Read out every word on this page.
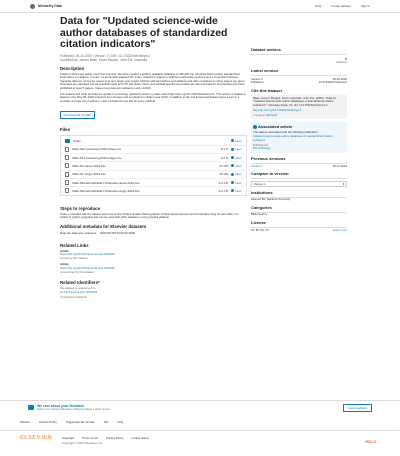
Mendeley Data	FAQ	Create dataset	Sign in
Data for "Updated science-wide author databases of standardized citation indicators"
Published: 06-10-2020 | Version 2 | DOI: 10.17632/btchxktzyw.2
Contributors: Jeroen Baas, Kevin Boyack, John P.A. Ioannidis
Description
Citation metrics are widely used and misused. We have created a publicly available database of 100,000 top scientists that provides standardized information on citations, h-index, co-authorship adjusted hm-index, citations to papers in different authorship positions and a composite indicator. Separate data are shown for career-long and single year impact. Metrics with and without self-citations and ratio of citations to citing papers are given. Scientists are classified into 22 scientific fields and 176 sub-fields. Field- and subfield-specific percentiles are also provided for all scientists who have published at least 5 papers. Career-long data are updated to end-of-2019.
The dataset and code provides an update to previously released (version 1) data under https://doi.org/10.17632/btchxktzyw.1; The version 2 dataset is based on the May 06, 2020 snapshot from Scopus and is updated to citation year 2019. In addition to the tool joined and dataset gives a sort to it provides a longer list of authors; it also includes the top 2% for every subfield.
Download All (21 MB)
Files
/Code	View
Table-S10-careerlong-2019-career.csv	114 B View
Table-S11-careerlong-2019-singlyr.csv	116 B View
Table-S6-career-2019.xlsx	81 MB View
Table-S7-singlyr-2019.xlsx	80 MB View
Table-S8-Field-Subfield-Thresholds-career-2019.xlsx	213 KB View
Table-S9-Field-Subfield-Thresholds-singlyr-2019.xlsx	221 KB View
Steps to reproduce
Code is provided with the dataset and runs on the ICSR Lab data sharing platform (https://www.elsevier.com/icsr/icsrlab) using Scopus data. It is written in python (pyspark) and can be used with other datasets on any pyspark platform.
Additional metadata for Elsevier datasets
Date the data was collected:	2020-05-06T10:00:00.000Z
Related Links
Article
https://doi.org/10.1371/journal.pbio.3000384
is cited by this dataset
Article
https://doi.org/10.1371/journal.pbio.3000918
is described by this dataset
Related Identifiers*
this dataset is supplement to
10.1371/journal.pbio.3000918
*provided by DataCite
Dataset metrics
0
Citations
Latest version
Version 2
Published
06-10-2020
10.17632/btchxktzyw.2
Cite this dataset
Baas, Jeroen; Boyack, Kevin; Ioannidis, John P.A. (2020), "Data for "Updated science-wide author databases of standardized citation indicators"", Mendeley Data, V2, doi: 10.17632/btchxktzyw.2
http://dx.doi.org/10.17632/btchxktzyw.2
□ Copy to clipboard
Associated article
This data is associated with the following publication:
Updated science-wide author databases of standardized citation indicators
Published in:
PLOS Biology
Previous versions
Version 1	06-07-2019
Compare to version
Version 1	▾
Institutions
Elsevier BV, Stanford University
Categories
Bibliometrics
License
CC BY NC 3.0	Learn more
We care about your feedback
Help us to improve Mendeley Data by taking a short survey	Send feedback
Mission	Archive Policy	Suggested file formats	API	FAQ
ELSEVIER	Copyright	Terms of use	Privacy Policy	Cookie Notice
Copyright © 2021 Mendeley Ltd.	RELX
